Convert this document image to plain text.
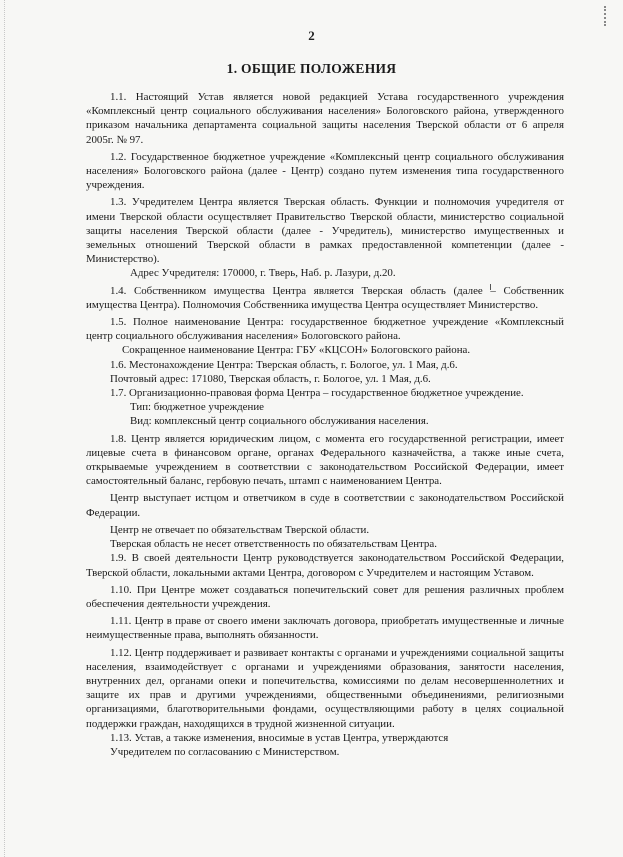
2
1. ОБЩИЕ ПОЛОЖЕНИЯ

1.1. Настоящий Устав является новой редакцией Устава государственного учреждения «Комплексный центр социального обслуживания населения» Бологовского района, утвержденного приказом начальника департамента социальной защиты населения Тверской области от 6 апреля 2005г. № 97.

1.2. Государственное бюджетное учреждение «Комплексный центр социального обслуживания населения» Бологовского района (далее - Центр) создано путем изменения типа государственного учреждения.

1.3. Учредителем Центра является Тверская область. Функции и полномочия учредителя от имени Тверской области осуществляет Правительство Тверской области, министерство социальной защиты населения Тверской области (далее - Учредитель), министерство имущественных и земельных отношений Тверской области в рамках предоставленной компетенции (далее - Министерство).

Адрес Учредителя: 170000, г. Тверь, Наб. р. Лазури, д.20.

1.4. Собственником имущества Центра является Тверская область (далее – Собственник имущества Центра). Полномочия Собственника имущества Центра осуществляет Министерство.

1.5. Полное наименование Центра: государственное бюджетное учреждение «Комплексный центр социального обслуживания населения» Бологовского района.

Сокращенное наименование Центра: ГБУ «КЦСОН» Бологовского района.

1.6. Местонахождение Центра: Тверская область, г. Бологое, ул. 1 Мая, д.6.

Почтовый адрес: 171080, Тверская область, г. Бологое, ул. 1 Мая, д.6.

1.7. Организационно-правовая форма Центра – государственное бюджетное учреждение.

Тип: бюджетное учреждение

Вид: комплексный центр социального обслуживания населения.

1.8. Центр является юридическим лицом, с момента его государственной регистрации, имеет лицевые счета в финансовом органе, органах Федерального казначейства, а также иные счета, открываемые учреждением в соответствии с законодательством Российской Федерации, имеет самостоятельный баланс, гербовую печать, штамп с наименованием Центра.

Центр выступает истцом и ответчиком в суде в соответствии с законодательством Российской Федерации.

Центр не отвечает по обязательствам Тверской области.

Тверская область не несет ответственность по обязательствам Центра.

1.9. В своей деятельности Центр руководствуется законодательством Российской Федерации, Тверской области, локальными актами Центра, договором с Учредителем и настоящим Уставом.

1.10. При Центре может создаваться попечительский совет для решения различных проблем обеспечения деятельности учреждения.

1.11. Центр в праве от своего имени заключать договора, приобретать имущественные и личные неимущественные права, выполнять обязанности.

1.12. Центр поддерживает и развивает контакты с органами и учреждениями социальной защиты населения, взаимодействует с органами и учреждениями образования, занятости населения, внутренних дел, органами опеки и попечительства, комиссиями по делам несовершеннолетних и защите их прав и другими учреждениями, общественными объединениями, религиозными организациями, благотворительными фондами, осуществляющими работу в целях социальной поддержки граждан, находящихся в трудной жизненной ситуации.

1.13. Устав, а также изменения, вносимые в устав Центра, утверждаются

Учредителем по согласованию с Министерством.
